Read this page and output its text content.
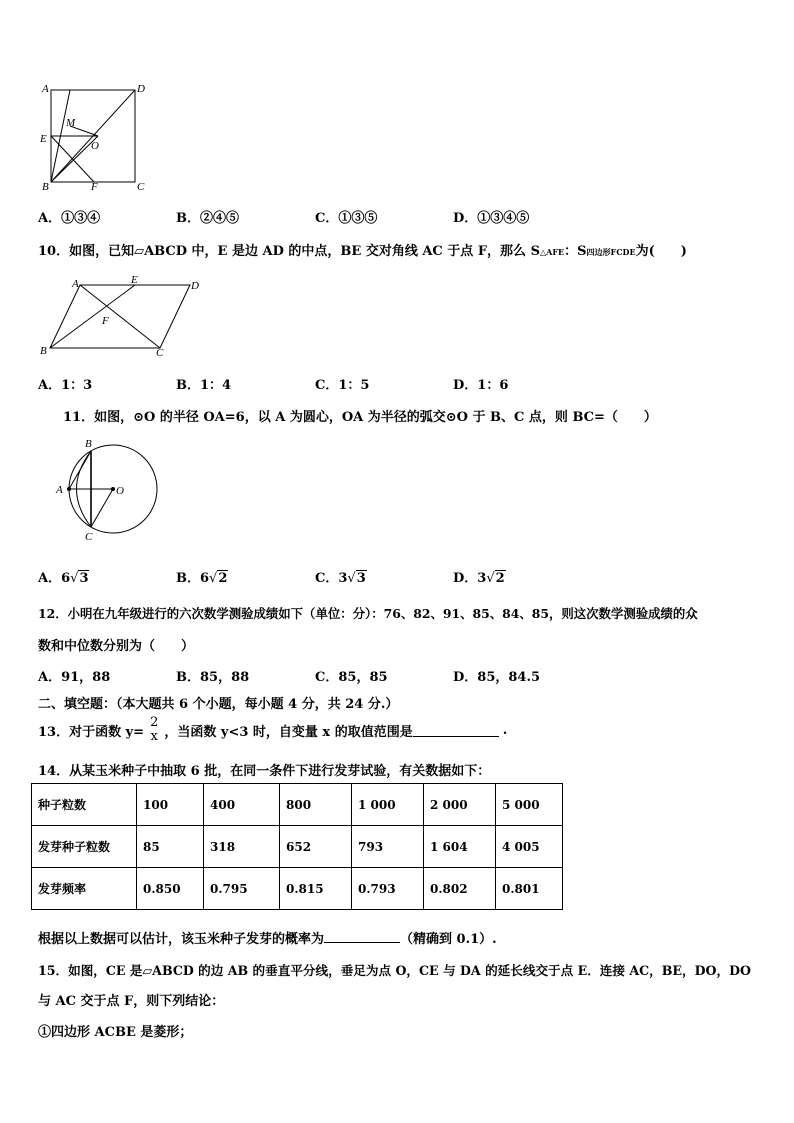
A	D
M
E
O
B	F	C
A．①③④	B．②④⑤	C．①③⑤	D．①③④⑤
10．如图，已知▱ABCD 中，E 是边 AD 的中点，BE 交对角线 AC 于点 F，那么 S△AFE：S四边形FCDE为(　　)
A	E	D
F
B	C
A．1：3	B．1：4	C．1：5	D．1：6
11．如图，⊙O 的半径 OA=6，以 A 为圆心，OA 为半径的弧交⊙O 于 B、C 点，则 BC=（　　）
B
A	O
C
A．6√3	B．6√2	C．3√3	D．3√2
12．小明在九年级进行的六次数学测验成绩如下（单位：分）：76、82、91、85、84、85，则这次数学测验成绩的众
数和中位数分别为（　　）
A．91，88	B．85，88	C．85，85	D．85，84.5
二、填空题：（本大题共 6 个小题，每小题 4 分，共 24 分.）
13．对于函数 y=
2
x ，当函数 y<3 时，自变量 x 的取值范围是	.
14．从某玉米种子中抽取 6 批，在同一条件下进行发芽试验，有关数据如下：
种子粒数	100	400	800	1 000	2 000	5 000
发芽种子粒数	85	318	652	793	1 604	4 005
发芽频率	0.850	0.795	0.815	0.793	0.802	0.801
根据以上数据可以估计，该玉米种子发芽的概率为	（精确到 0.1）.
15．如图，CE 是▱ABCD 的边 AB 的垂直平分线，垂足为点 O，CE 与 DA 的延长线交于点 E．连接 AC，BE，DO，DO
与 AC 交于点 F，则下列结论：
①四边形 ACBE 是菱形；
